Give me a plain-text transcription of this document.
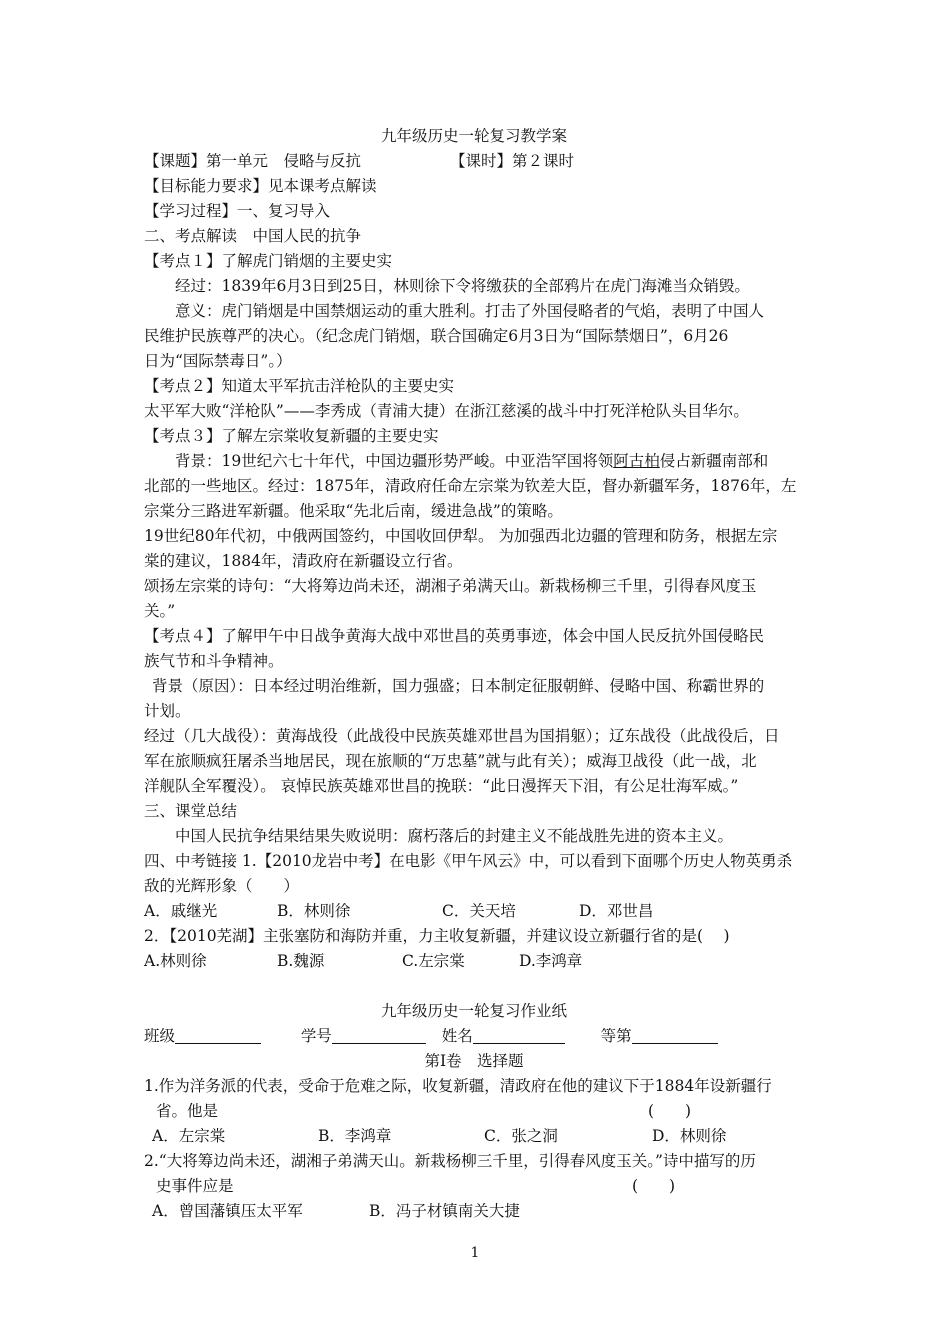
九年级历史一轮复习教学案
【课题】第一单元　侵略与反抗	【课时】第２课时
【目标能力要求】见本课考点解读
【学习过程】一、复习导入
二、考点解读　中国人民的抗争
【考点１】了解虎门销烟的主要史实
经过：1839年6月3日到25日，林则徐下令将缴获的全部鸦片在虎门海滩当众销毁。
意义：虎门销烟是中国禁烟运动的重大胜利。打击了外国侵略者的气焰，表明了中国人
民维护民族尊严的决心。（纪念虎门销烟，联合国确定6月3日为“国际禁烟日”，6月26
日为“国际禁毒日”。）
【考点２】知道太平军抗击洋枪队的主要史实
太平军大败“洋枪队”——李秀成（青浦大捷）在浙江慈溪的战斗中打死洋枪队头目华尔。
【考点３】了解左宗棠收复新疆的主要史实
背景：19世纪六七十年代，中国边疆形势严峻。中亚浩罕国将领阿古柏侵占新疆南部和
北部的一些地区。经过：1875年，清政府任命左宗棠为钦差大臣，督办新疆军务，1876年，左
宗棠分三路进军新疆。他采取“先北后南，缓进急战”的策略。
19世纪80年代初，中俄两国签约，中国收回伊犁。 为加强西北边疆的管理和防务，根据左宗
棠的建议，1884年，清政府在新疆设立行省。
颂扬左宗棠的诗句：“大将筹边尚未还，湖湘子弟满天山。新栽杨柳三千里，引得春风度玉
关。”
【考点４】了解甲午中日战争黄海大战中邓世昌的英勇事迹，体会中国人民反抗外国侵略民
族气节和斗争精神。
背景（原因）：日本经过明治维新，国力强盛；日本制定征服朝鲜、侵略中国、称霸世界的
计划。
经过（几大战役）：黄海战役（此战役中民族英雄邓世昌为国捐躯）；辽东战役（此战役后，日
军在旅顺疯狂屠杀当地居民，现在旅顺的“万忠墓”就与此有关）；威海卫战役（此一战，北
洋舰队全军覆没）。 哀悼民族英雄邓世昌的挽联：“此日漫挥天下泪，有公足壮海军威。”
三、课堂总结
中国人民抗争结果结果失败说明：腐朽落后的封建主义不能战胜先进的资本主义。
四、中考链接 1.【2010龙岩中考】在电影《甲午风云》中，可以看到下面哪个历史人物英勇杀
敌的光辉形象（　　）
A．戚继光	B．林则徐	C．关天培	D．邓世昌
2．【2010芜湖】主张塞防和海防并重，力主收复新疆，并建议设立新疆行省的是(　 )
A.林则徐	B.魏源	C.左宗棠	D.李鸿章
九年级历史一轮复习作业纸
班级	学号	姓名	等第
第Ⅰ卷　选择题
1.作为洋务派的代表，受命于危难之际，收复新疆，清政府在他的建议下于1884年设新疆行
省。他是	(　　)
A．左宗棠	B．李鸿章	C．张之洞	D．林则徐
2.“大将筹边尚未还，湖湘子弟满天山。新栽杨柳三千里，引得春风度玉关。”诗中描写的历
史事件应是	(　　)
A．曾国藩镇压太平军	B．冯子材镇南关大捷
1
